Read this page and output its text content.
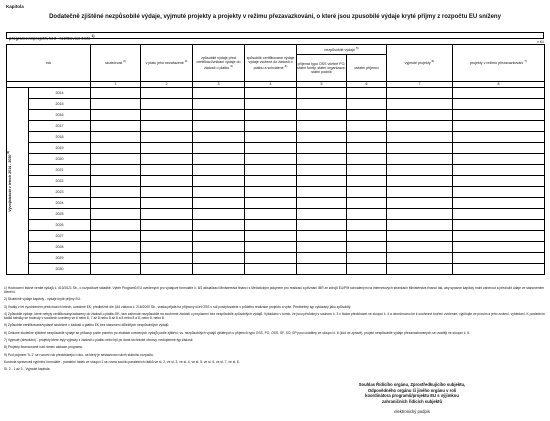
Kapitola
Dodatečně zjištěné nezpůsobilé výdaje, vyjmuté projekty a projekty v režimu přezavazkování, o které jsou zpusobilé výdaje kryté příjmy z rozpočtu EU sníženy
programové/projekt, kód - rozlišovací číslo $^{1)}$
v Kč
rok		skutečnost $^{2)}$	v platu jeho nezařazené $^{3)}$	způsobilé výdaje před certifikací/vnikání výdaje do žádosti o platbu $^{3)}$	způsobilé certifikované výdaje výdaje vložené do žádosti o platbu a schválené $^{4)}$	nezpůsobilé výdaje $^{5)}$		vyjmuté projekty $^{6)}$	projekty v režimu přezavazkování $^{7)}$
						příjemci typu OSS včetně PO, státní fondy, státní organizace, státní podnik	ostatní příjemci		
		1	2	3	4	5	6	7	8

Vývoj/období v letech 2014 - 2030 $^{8)}$	2014								
	2015								
	2016								
	2017								
	2018								
	2019								
	2020								
	2021								
	2022								
	2023								
	2024								
	2025								
	2026								
	2027								
	2028								
	2029								
	2030								

1) Hodnocení tiskné verdie výdajů č. 410/2021 Sb., o rozpočtové skladbě. Výběr Programů EU uvedených pro výdajové formuláře č. 8/2 aktualizaci Ministerstva financí s Metodickým pokynem pro realizaci a přiznání IBR ze zdrojů EU/PM schváleným na internetových stránkách Ministerstva financí tak, aby správce kapitoly mohl zahrnout a předložit údaje ve stanoveném členění.

2) Skutečně výdaje kapitoly - výdaje kryté příjmy EU.

3) Vratky z let vyzdrženém předchozích letech, uvedené EK; předběžně dle §44 zákona č. 218/2000 Sb., vratka přijatá na příjmový účet OSS v roli poskytovatele v průběhu realizace projektu a výše. Předběžný typ vykázaný jako způsobilý.

4) Způsobilé výdaje, které nebyly certifikovány/zařazeny do žádosti o platbu EK, tam zahrnuté nezpůsobilé na souhrnné žádosti o proplacení bez nezpůsobilé způsobilých výdajů. Vyžádáno v tomto, že jsou příslušný v souboru č. 3 v řádce předcházet ve sloupci č. 4 a ukončováno ke k souhrnné tvoření zvolením, vyplňujte ve prosím a jeho zvolení, vyhledaní. K posledním řádků tabulky se hodnoty v součtech uvedeny ve 6 nebo 6, 7 až 8 nebo 8 až 8 a 8 nebo 8 a 8, nebo 8, nebo 8.

5) Způsobilé certifikované/vydané skutečné v žádosti o platbu EK bez stanovení důležitých nezpůsobilých výdajů.

6) Celkové skutečné zjištěné nezpůsobilé výdaje se přiřazují podle poměru po ztrátách uvedených výdajů podle zjištění; vs. nezpůsobilých výdajů zjištěných u příjemců typu OSS, PO, OSS, SF, SO, SP jsou uváděny ve sloupci č. 6 (kód ve zprávě), projekt nezpůsobilé výdaje přezavazkovaných se uvádějí ve sloupci č. 6.

7) Vyjmuté (absolutní) - projekty které byly vyjmuty z žádosti o platbu nebo byl po dané technické obnovy, nedoplněné typ žádosti.

8) Projekty financované nad rámec alokace programu.

9) Pod pojmem "k-1" se rozumí rok předcházející roku, na který je sestavován návrh státního rozpočtu.

Kontrola správnosti vyplnění formuláře - paralelní řádek ve sloupci 1 se rovná součtu paralelních řádků ve sl. 2, ve sl. 3, ve sl. 4, ve sl. 5, ve sl. 6, ve sl. 7, ve sl. 8.

Sl. 2 - 1 až 3 - Vyjmuté kapitola.

Souhlas Řídícího orgánu, Zprostředkujícího subjektu,
Odpovědného orgánu či jiného orgánu v roli
koordinátora programů/projektu EU s výjimkou
zahraničních řídících subjektů
elektronický podpis
